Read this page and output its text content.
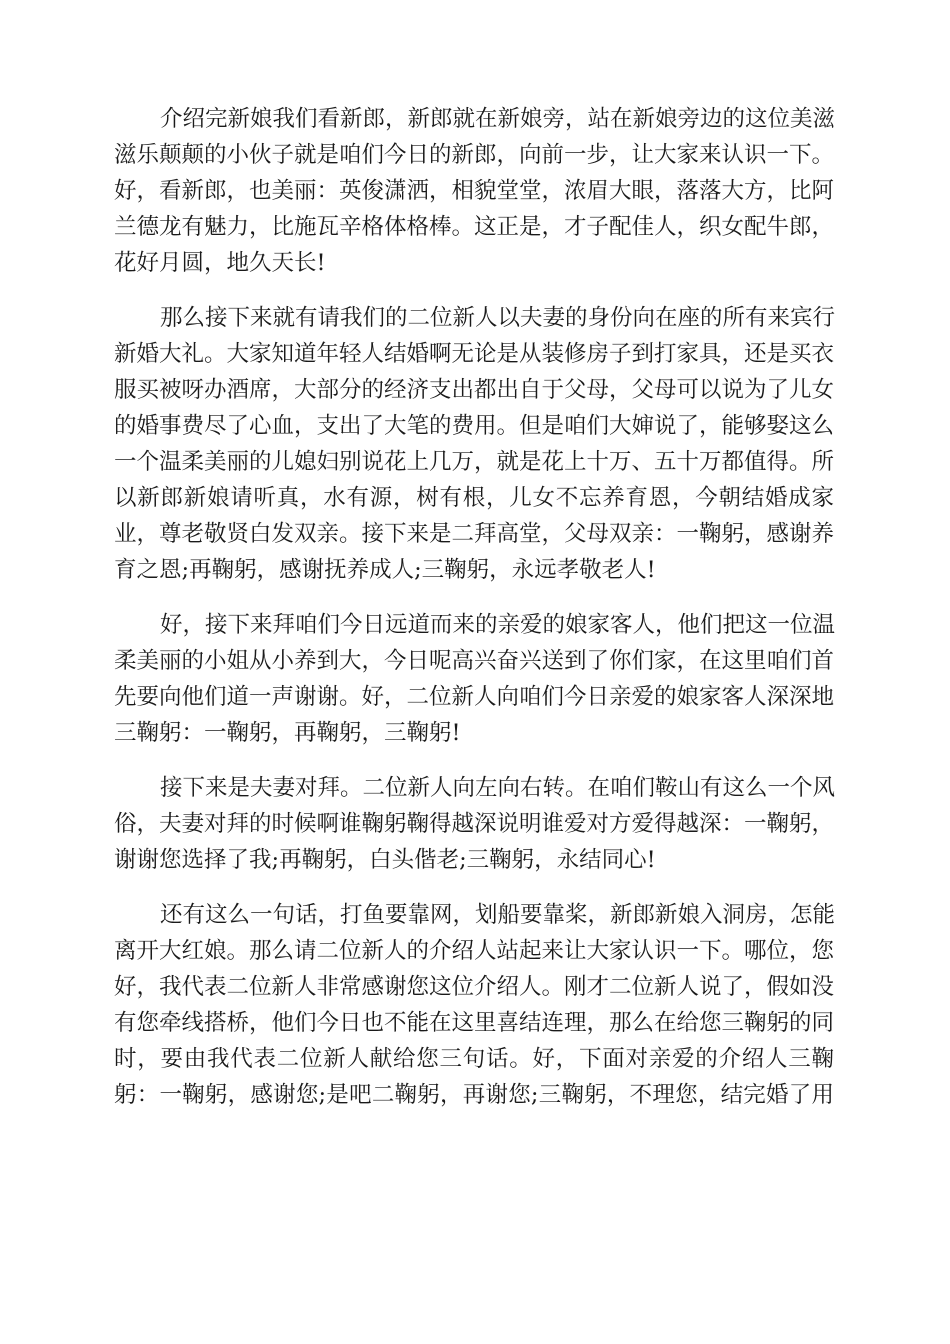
介绍完新娘我们看新郎，新郎就在新娘旁，站在新娘旁边的这位美滋
滋乐颠颠的小伙子就是咱们今日的新郎，向前一步，让大家来认识一下。
好，看新郎，也美丽：英俊潇洒，相貌堂堂，浓眉大眼，落落大方，比阿
兰德龙有魅力，比施瓦辛格体格棒。这正是，才子配佳人，织女配牛郎，
花好月圆，地久天长!
那么接下来就有请我们的二位新人以夫妻的身份向在座的所有来宾行
新婚大礼。大家知道年轻人结婚啊无论是从装修房子到打家具，还是买衣
服买被呀办酒席，大部分的经济支出都出自于父母，父母可以说为了儿女
的婚事费尽了心血，支出了大笔的费用。但是咱们大婶说了，能够娶这么
一个温柔美丽的儿媳妇别说花上几万，就是花上十万、五十万都值得。所
以新郎新娘请听真，水有源，树有根，儿女不忘养育恩，今朝结婚成家
业，尊老敬贤白发双亲。接下来是二拜高堂，父母双亲：一鞠躬，感谢养
育之恩;再鞠躬，感谢抚养成人;三鞠躬，永远孝敬老人!
好，接下来拜咱们今日远道而来的亲爱的娘家客人，他们把这一位温
柔美丽的小姐从小养到大，今日呢高兴奋兴送到了你们家，在这里咱们首
先要向他们道一声谢谢。好，二位新人向咱们今日亲爱的娘家客人深深地
三鞠躬：一鞠躬，再鞠躬，三鞠躬!
接下来是夫妻对拜。二位新人向左向右转。在咱们鞍山有这么一个风
俗，夫妻对拜的时候啊谁鞠躬鞠得越深说明谁爱对方爱得越深：一鞠躬，
谢谢您选择了我;再鞠躬，白头偕老;三鞠躬，永结同心!
还有这么一句话，打鱼要靠网，划船要靠桨，新郎新娘入洞房，怎能
离开大红娘。那么请二位新人的介绍人站起来让大家认识一下。哪位，您
好，我代表二位新人非常感谢您这位介绍人。刚才二位新人说了，假如没
有您牵线搭桥，他们今日也不能在这里喜结连理，那么在给您三鞠躬的同
时，要由我代表二位新人献给您三句话。好，下面对亲爱的介绍人三鞠
躬：一鞠躬，感谢您;是吧二鞠躬，再谢您;三鞠躬，不理您，结完婚了用
